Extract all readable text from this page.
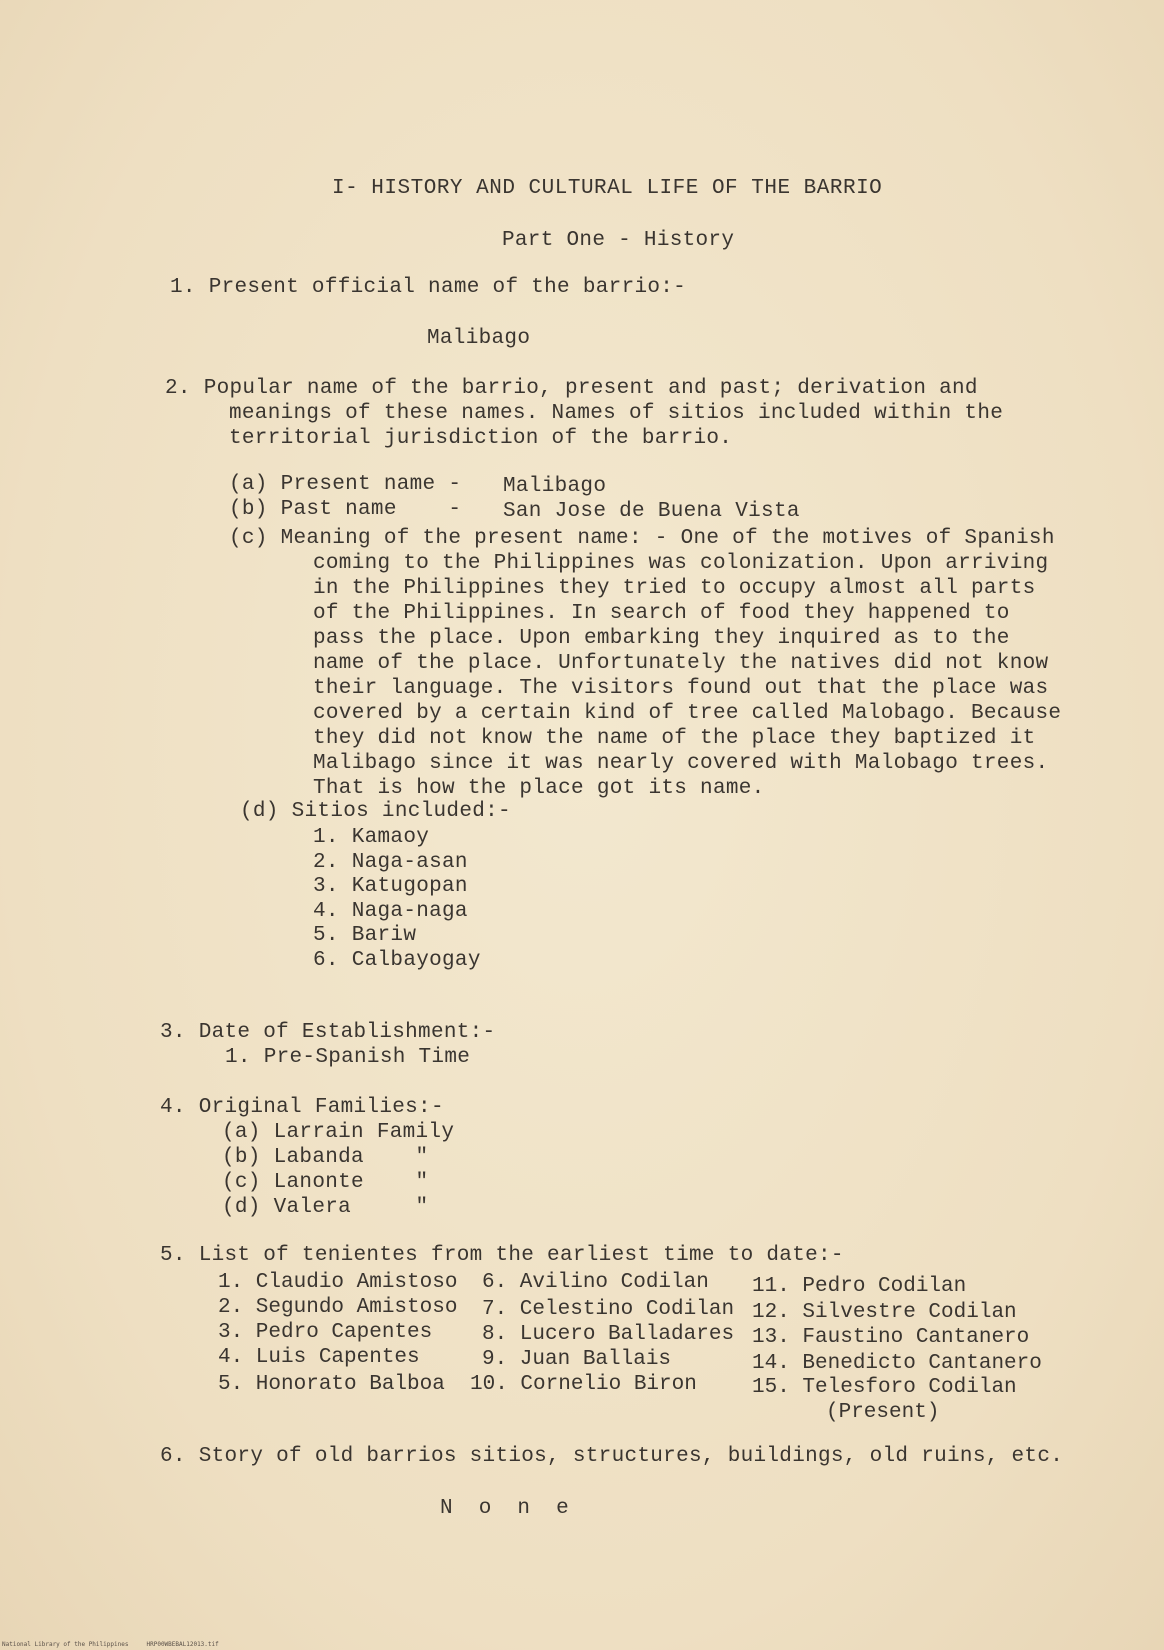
I- HISTORY AND CULTURAL LIFE OF THE BARRIO
Part One - History
1. Present official name of the barrio:-
Malibago
2. Popular name of the barrio, present and past; derivation and
meanings of these names. Names of sitios included within the
territorial jurisdiction of the barrio.
(a) Present name - Malibago
(b) Past name    - San Jose de Buena Vista
(c) Meaning of the present name: - One of the motives of Spanish
coming to the Philippines was colonization. Upon arriving
in the Philippines they tried to occupy almost all parts
of the Philippines. In search of food they happened to
pass the place. Upon embarking they inquired as to the
name of the place. Unfortunately the natives did not know
their language. The visitors found out that the place was
covered by a certain kind of tree called Malobago. Because
they did not know the name of the place they baptized it
Malibago since it was nearly covered with Malobago trees.
That is how the place got its name.
(d) Sitios included:-
1. Kamaoy
2. Naga-asan
3. Katugopan
4. Naga-naga
5. Bariw
6. Calbayogay
3. Date of Establishment:-
1. Pre-Spanish Time
4. Original Families:-
(a) Larrain Family
(b) Labanda    "
(c) Lanonte    "
(d) Valera     "
5. List of tenientes from the earliest time to date:-
1. Claudio Amistoso
2. Segundo Amistoso
3. Pedro Capentes
4. Luis Capentes
5. Honorato Balboa
6. Avilino Codilan
7. Celestino Codilan
8. Lucero Balladares
9. Juan Ballais
10. Cornelio Biron
11. Pedro Codilan
12. Silvestre Codilan
13. Faustino Cantanero
14. Benedicto Cantanero
15. Telesforo Codilan
(Present)
6. Story of old barrios sitios, structures, buildings, old ruins, etc.
N  o  n  e
National Library of the Philippines     HRP00WBEBAL12013.tif
